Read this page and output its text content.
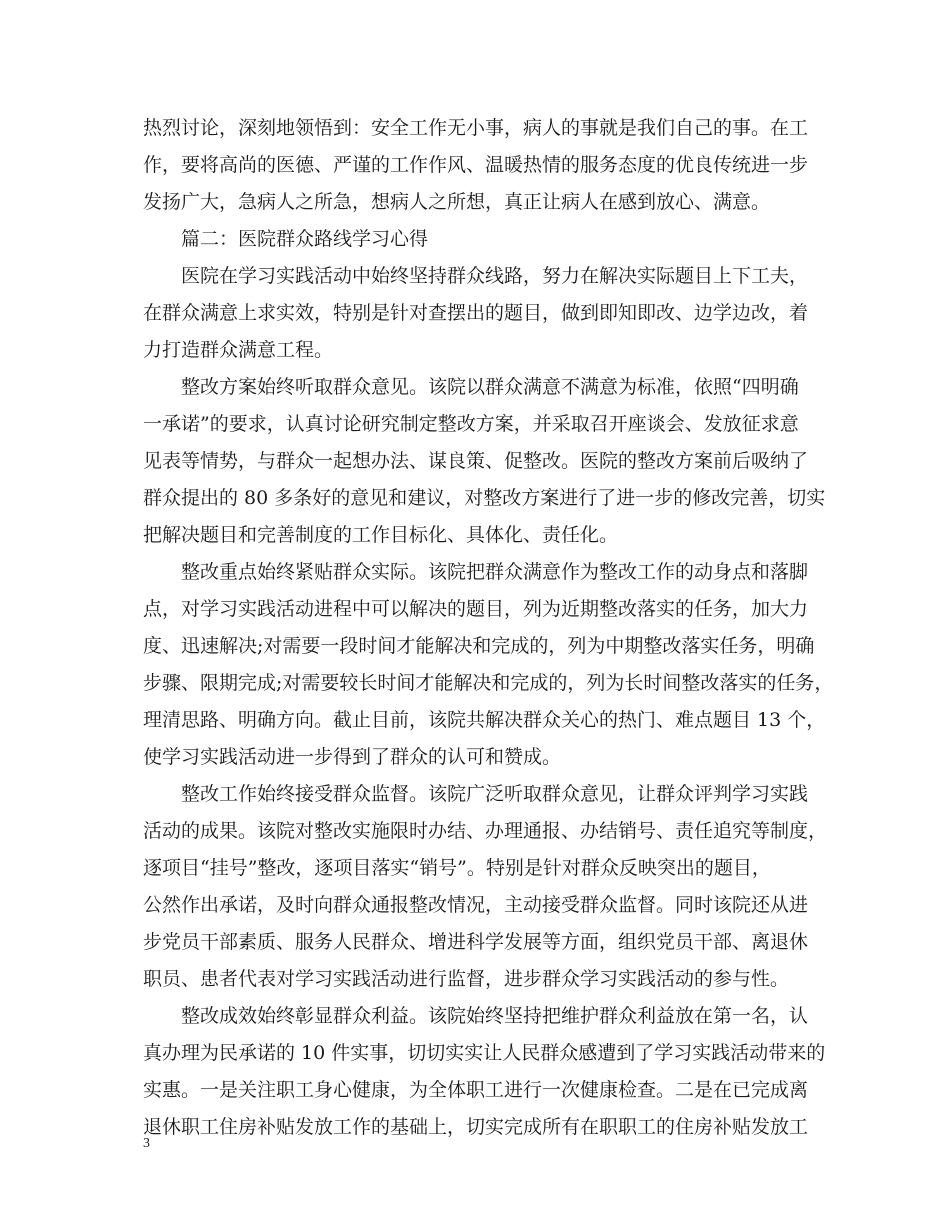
热烈讨论，深刻地领悟到：安全工作无小事，病人的事就是我们自己的事。在工
作，要将高尚的医德、严谨的工作作风、温暖热情的服务态度的优良传统进一步
发扬广大，急病人之所急，想病人之所想，真正让病人在感到放心、满意。
篇二：医院群众路线学习心得
医院在学习实践活动中始终坚持群众线路，努力在解决实际题目上下工夫，
在群众满意上求实效，特别是针对查摆出的题目，做到即知即改、边学边改，着
力打造群众满意工程。
整改方案始终听取群众意见。该院以群众满意不满意为标准，依照“四明确
一承诺”的要求，认真讨论研究制定整改方案，并采取召开座谈会、发放征求意
见表等情势，与群众一起想办法、谋良策、促整改。医院的整改方案前后吸纳了
群众提出的 80 多条好的意见和建议，对整改方案进行了进一步的修改完善，切实
把解决题目和完善制度的工作目标化、具体化、责任化。
整改重点始终紧贴群众实际。该院把群众满意作为整改工作的动身点和落脚
点，对学习实践活动进程中可以解决的题目，列为近期整改落实的任务，加大力
度、迅速解决;对需要一段时间才能解决和完成的，列为中期整改落实任务，明确
步骤、限期完成;对需要较长时间才能解决和完成的，列为长时间整改落实的任务，
理清思路、明确方向。截止目前，该院共解决群众关心的热门、难点题目 13 个，
使学习实践活动进一步得到了群众的认可和赞成。
整改工作始终接受群众监督。该院广泛听取群众意见，让群众评判学习实践
活动的成果。该院对整改实施限时办结、办理通报、办结销号、责任追究等制度，
逐项目“挂号”整改，逐项目落实“销号”。特别是针对群众反映突出的题目，
公然作出承诺，及时向群众通报整改情况，主动接受群众监督。同时该院还从进
步党员干部素质、服务人民群众、增进科学发展等方面，组织党员干部、离退休
职员、患者代表对学习实践活动进行监督，进步群众学习实践活动的参与性。
整改成效始终彰显群众利益。该院始终坚持把维护群众利益放在第一名，认
真办理为民承诺的 10 件实事，切切实实让人民群众感遭到了学习实践活动带来的
实惠。一是关注职工身心健康，为全体职工进行一次健康检查。二是在已完成离
退休职工住房补贴发放工作的基础上，切实完成所有在职职工的住房补贴发放工
3
